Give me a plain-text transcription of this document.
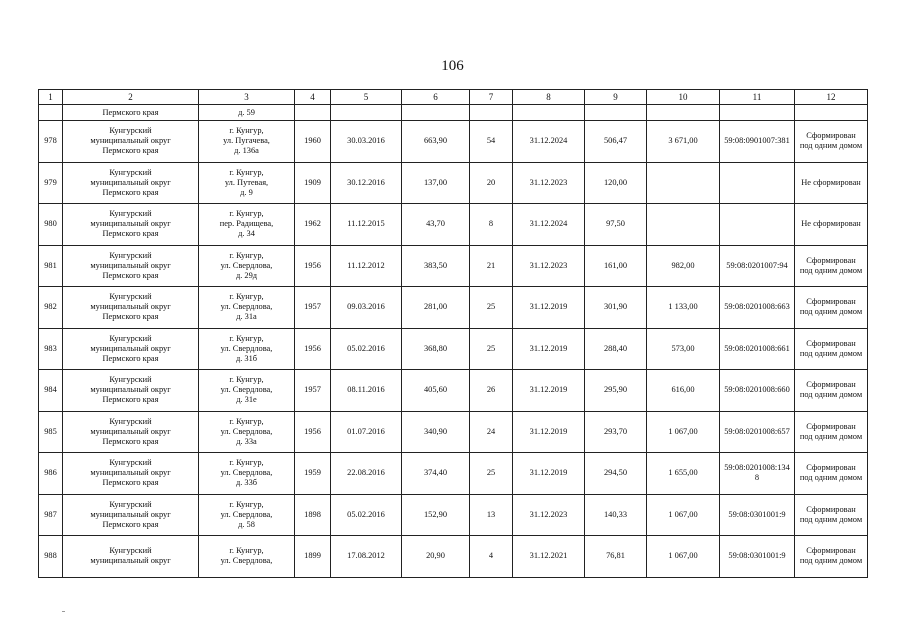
106
1	2	3	4	5	6	7	8	9	10	11	12

	Пермского края	д. 59									

978	Кунгурский
муниципальный округ
Пермского края	г. Кунгур,
ул. Пугачева,
д. 136а	1960	30.03.2016	663,90	54	31.12.2024	506,47	3 671,00	59:08:0901007:381	Сформирован
под одним домом

979	Кунгурский
муниципальный округ
Пермского края	г. Кунгур,
ул. Путевая,
д. 9	1909	30.12.2016	137,00	20	31.12.2023	120,00			Не сформирован

980	Кунгурский
муниципальный округ
Пермского края	г. Кунгур,
пер. Радищева,
д. 34	1962	11.12.2015	43,70	8	31.12.2024	97,50			Не сформирован

981	Кунгурский
муниципальный округ
Пермского края	г. Кунгур,
ул. Свердлова,
д. 29д	1956	11.12.2012	383,50	21	31.12.2023	161,00	982,00	59:08:0201007:94	Сформирован
под одним домом

982	Кунгурский
муниципальный округ
Пермского края	г. Кунгур,
ул. Свердлова,
д. 31а	1957	09.03.2016	281,00	25	31.12.2019	301,90	1 133,00	59:08:0201008:663	Сформирован
под одним домом

983	Кунгурский
муниципальный округ
Пермского края	г. Кунгур,
ул. Свердлова,
д. 31б	1956	05.02.2016	368,80	25	31.12.2019	288,40	573,00	59:08:0201008:661	Сформирован
под одним домом

984	Кунгурский
муниципальный округ
Пермского края	г. Кунгур,
ул. Свердлова,
д. 31е	1957	08.11.2016	405,60	26	31.12.2019	295,90	616,00	59:08:0201008:660	Сформирован
под одним домом

985	Кунгурский
муниципальный округ
Пермского края	г. Кунгур,
ул. Свердлова,
д. 33а	1956	01.07.2016	340,90	24	31.12.2019	293,70	1 067,00	59:08:0201008:657	Сформирован
под одним домом

986	Кунгурский
муниципальный округ
Пермского края	г. Кунгур,
ул. Свердлова,
д. 33б	1959	22.08.2016	374,40	25	31.12.2019	294,50	1 655,00	59:08:0201008:134
8	Сформирован
под одним домом

987	Кунгурский
муниципальный округ
Пермского края	г. Кунгур,
ул. Свердлова,
д. 58	1898	05.02.2016	152,90	13	31.12.2023	140,33	1 067,00	59:08:0301001:9	Сформирован
под одним домом

988	Кунгурский
муниципальный округ	г. Кунгур,
ул. Свердлова,	1899	17.08.2012	20,90	4	31.12.2021	76,81	1 067,00	59:08:0301001:9	Сформирован
под одним домом
